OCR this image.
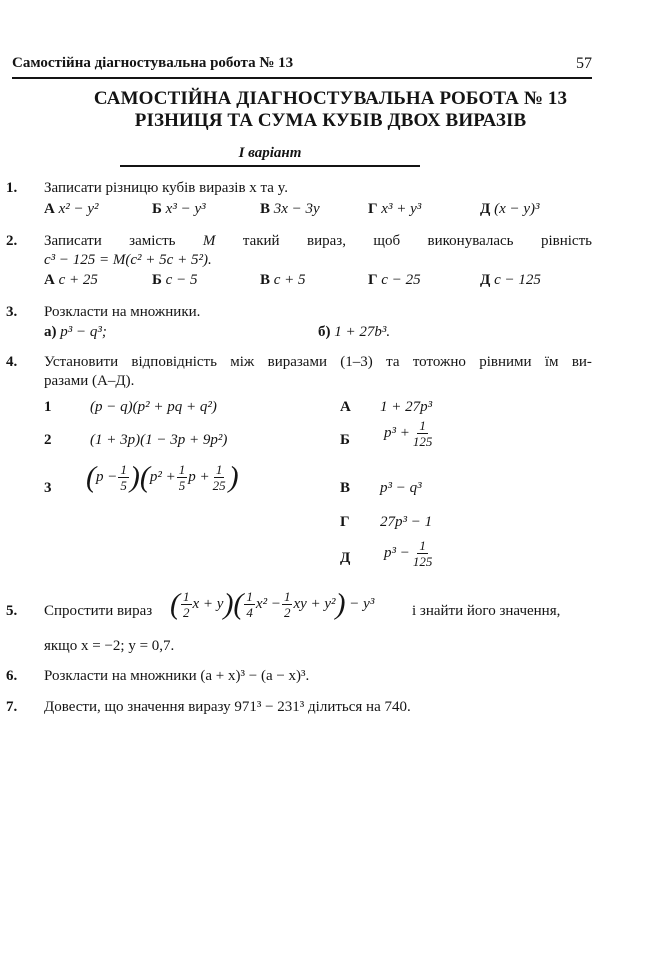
Самостійна діагностувальна робота № 13	57
САМОСТІЙНА ДІАГНОСТУВАЛЬНА РОБОТА № 13
РІЗНИЦЯ ТА СУМА КУБІВ ДВОХ ВИРАЗІВ
I варіант
1. Записати різницю кубів виразів x та y.
А x² − y²	Б x³ − y³	В 3x − 3y	Г x³ + y³	Д (x − y)³
2. Записати замість M такий вираз, щоб виконувалась рівність
c³ − 125 = M(c² + 5c + 5²).
А c + 25	Б c − 5	В c + 5	Г c − 25	Д c − 125
3. Розкласти на множники.
а) p³ − q³;	б) 1 + 27b³.
4. Установити відповідність між виразами (1–3) та тотожно рівними їм ви-
разами (А–Д).
1	(p − q)(p² + pq + q²)
2	(1 + 3p)(1 − 3p + 9p²)
3 $(p - \frac{1}{5} )(p^2 + \frac{1}{5}$ $p + \frac{1}{25}$ )
А 1 + 27p³
Б $p^3 + \frac{1}{125}$
В p³ − q³
Г 27p³ − 1
Д $p^3 - \frac{1}{125}$
5. Спростити вираз ( $\frac{1}{2}$ $x + y)( \frac{1}{4} x^2 - \frac{1}{2}$ xy + y²) − y³	і знайти його значення,
якщо x = −2; y = 0,7.
6. Розкласти на множники (a + x)³ − (a − x)³.
7. Довести, що значення виразу 971³ − 231³ ділиться на 740.
